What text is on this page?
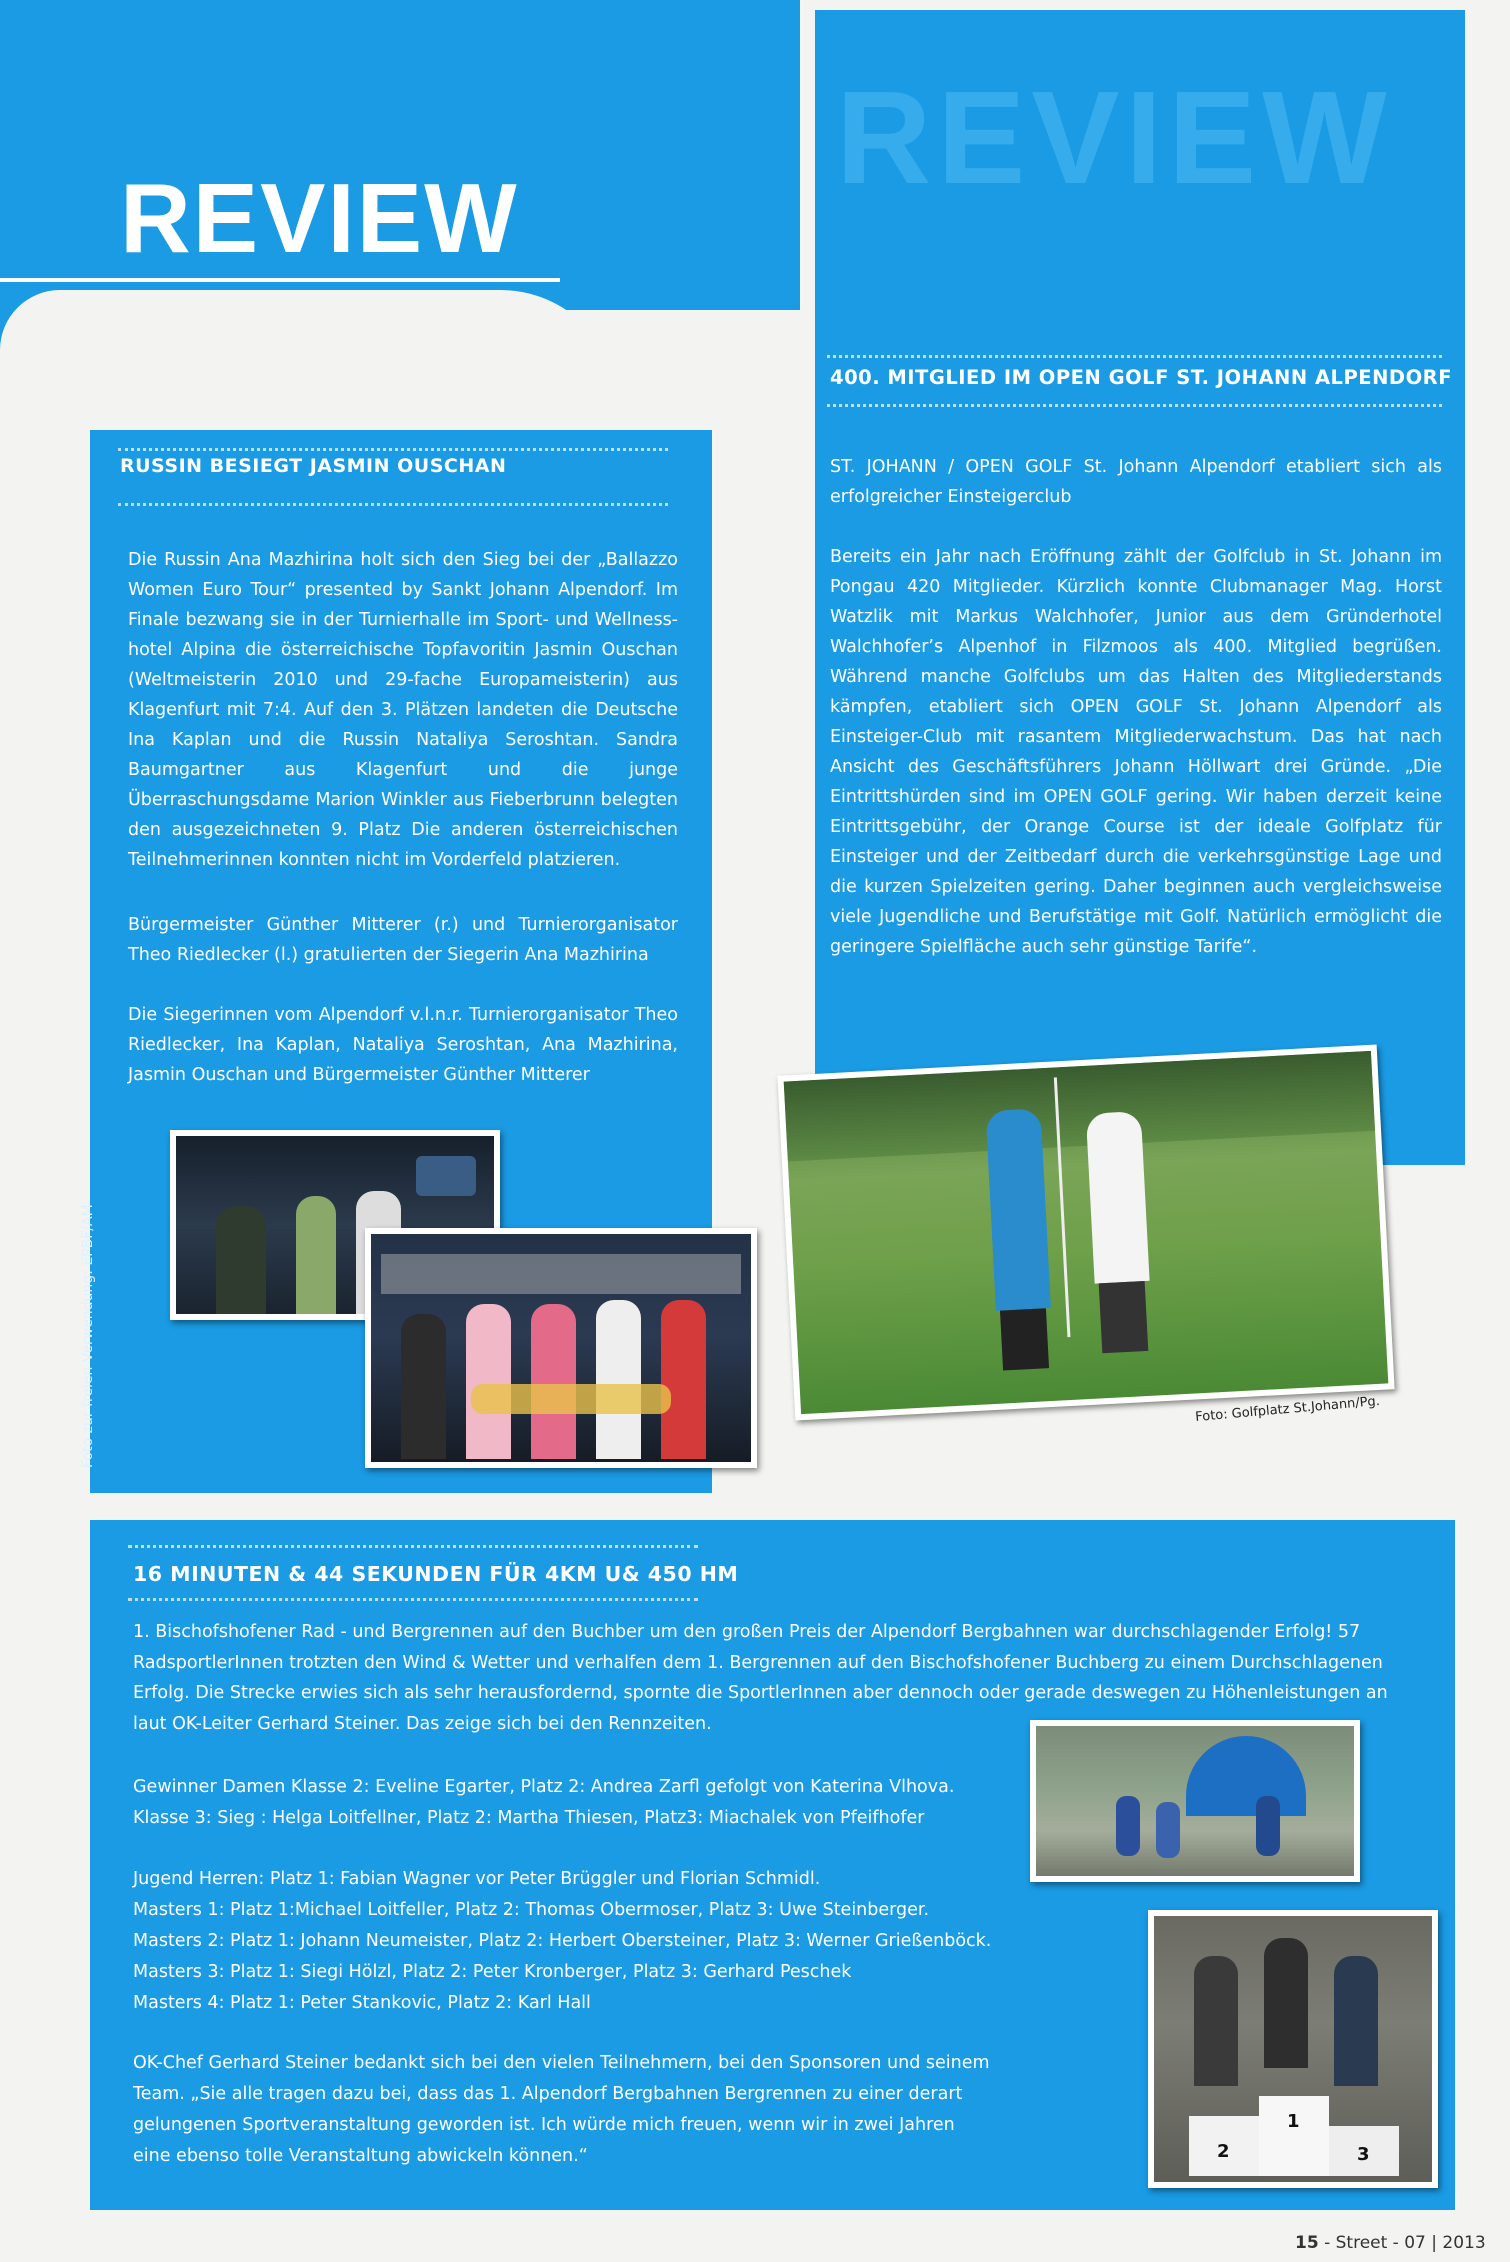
REVIEW
REVIEW
RUSSIN BESIEGT JASMIN OUSCHAN
Die Russin Ana Mazhirina holt sich den Sieg bei der „Ballazzo Women Euro Tour“ presented by Sankt Johann Alpendorf. Im Finale bezwang sie in der Turnierhalle im Sport- und Wellness-hotel Alpina die österreichische Topfavoritin Jasmin Ouschan (Weltmeisterin 2010 und 29-fache Europameisterin) aus Klagenfurt mit 7:4. Auf den 3. Plätzen landeten die Deutsche Ina Kaplan und die Russin Nataliya Seroshtan. Sandra Baumgartner aus Klagenfurt und die junge Überraschungsdame Marion Winkler aus Fieberbrunn belegten den ausgezeichneten 9. Platz Die anderen österreichischen Teilnehmerinnen konnten nicht im Vorderfeld platzieren.
Bürgermeister Günther Mitterer (r.) und Turnierorganisator Theo Riedlecker (l.) gratulierten der Siegerin Ana Mazhirina
Die Siegerinnen vom Alpendorf v.l.n.r. Turnierorganisator Theo Riedlecker, Ina Kaplan, Nataliya Seroshtan, Ana Mazhirina, Jasmin Ouschan und Bürgermeister Günther Mitterer
Foto zur freien Verwendung: EPBF/AM
400. MITGLIED IM OPEN GOLF ST. JOHANN ALPENDORF
ST. JOHANN / OPEN GOLF St. Johann Alpendorf etabliert sich als erfolgreicher Einsteigerclub
Bereits ein Jahr nach Eröffnung zählt der Golfclub in St. Johann im Pongau 420 Mitglieder. Kürzlich konnte Clubmanager Mag. Horst Watzlik mit Markus Walchhofer, Junior aus dem Gründerhotel Walchhofer’s Alpenhof in Filzmoos als 400. Mitglied begrüßen. Während manche Golfclubs um das Halten des Mitgliederstands kämpfen, etabliert sich OPEN GOLF St. Johann Alpendorf als Einsteiger-Club mit rasantem Mitgliederwachstum. Das hat nach Ansicht des Geschäftsführers Johann Höllwart drei Gründe. „Die Eintrittshürden sind im OPEN GOLF gering. Wir haben derzeit keine Eintrittsgebühr, der Orange Course ist der ideale Golfplatz für Einsteiger und der Zeitbedarf durch die verkehrsgünstige Lage und die kurzen Spielzeiten gering. Daher beginnen auch vergleichsweise viele Jugendliche und Berufstätige mit Golf. Natürlich ermöglicht die geringere Spielfläche auch sehr günstige Tarife“.
Foto: Golfplatz St.Johann/Pg.
16 MINUTEN & 44 SEKUNDEN FÜR 4KM U& 450 HM
1. Bischofshofener Rad - und Bergrennen auf den Buchber um den großen Preis der Alpendorf Bergbahnen war durchschlagender Erfolg! 57 RadsportlerInnen trotzten den Wind & Wetter und verhalfen dem 1. Bergrennen auf den Bischofshofener Buchberg zu einem Durchschlagenen Erfolg. Die Strecke erwies sich als sehr herausfordernd, spornte die SportlerInnen aber dennoch oder gerade deswegen zu Höhenleistungen an laut OK-Leiter Gerhard Steiner. Das zeige sich bei den Rennzeiten.
Gewinner Damen Klasse 2: Eveline Egarter, Platz 2: Andrea Zarfl gefolgt von Katerina Vlhova.
Klasse 3: Sieg : Helga Loitfellner, Platz 2: Martha Thiesen, Platz3: Miachalek von Pfeifhofer
Jugend Herren: Platz 1: Fabian Wagner vor Peter Brüggler und Florian Schmidl.
Masters 1: Platz 1:Michael Loitfeller, Platz 2: Thomas Obermoser, Platz 3: Uwe Steinberger.
Masters 2: Platz 1: Johann Neumeister, Platz 2: Herbert Obersteiner, Platz 3: Werner Grießenböck.
Masters 3: Platz 1: Siegi Hölzl, Platz 2: Peter Kronberger, Platz 3: Gerhard Peschek
Masters 4: Platz 1: Peter Stankovic, Platz 2: Karl Hall
OK-Chef Gerhard Steiner bedankt sich bei den vielen Teilnehmern, bei den Sponsoren und seinem
Team. „Sie alle tragen dazu bei, dass das 1. Alpendorf Bergbahnen Bergrennen zu einer derart
gelungenen Sportveranstaltung geworden ist. Ich würde mich freuen, wenn wir in zwei Jahren
eine ebenso tolle Veranstaltung abwickeln können.“	2
1
3
15 - Street - 07 | 2013
